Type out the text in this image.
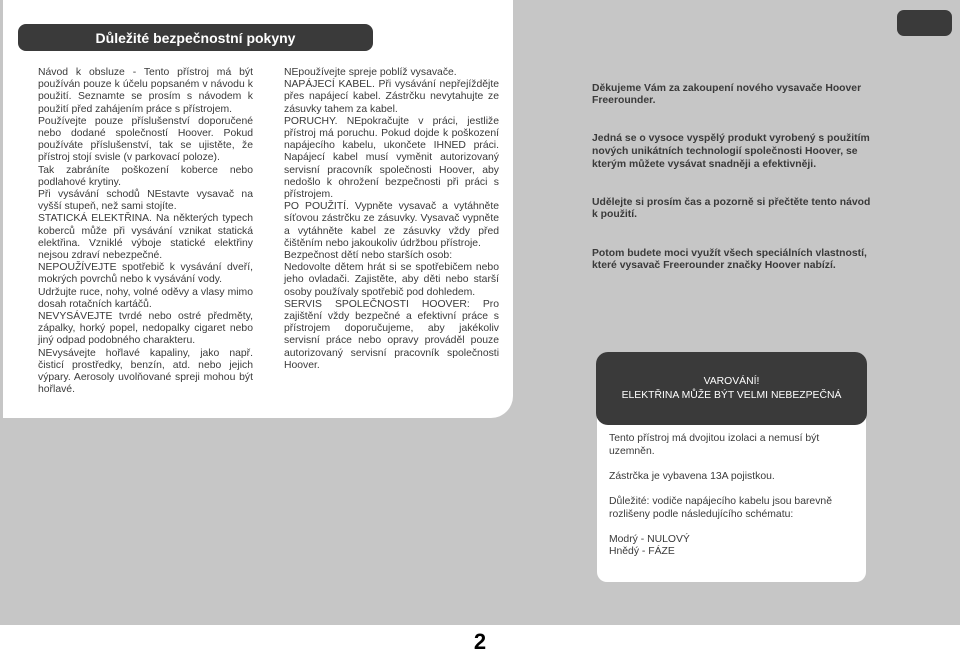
Důležité bezpečnostní pokyny

Návod k obsluze - Tento přístroj má být používán pouze k účelu popsaném v návodu k použití. Seznamte se prosím s návodem k použití před zahájením práce s přístrojem.
Používejte pouze příslušenství doporučené nebo dodané společností Hoover. Pokud používáte příslušenství, tak se ujistěte, že přístroj stojí svisle (v parkovací poloze).
Tak zabráníte poškození koberce nebo podlahové krytiny.
Při vysávání schodů NEstavte vysavač na vyšší stupeň, než sami stojíte.
STATICKÁ ELEKTŘINA. Na některých typech koberců může při vysávání vznikat statická elektřina. Vzniklé výboje statické elektřiny nejsou zdraví nebezpečné.
NEPOUŽÍVEJTE spotřebič k vysávání dveří, mokrých povrchů nebo k vysávání vody.
Udržujte ruce, nohy, volné oděvy a vlasy mimo dosah rotačních kartáčů.
NEVYSÁVEJTE tvrdé nebo ostré předměty, zápalky, horký popel, nedopalky cigaret nebo jiný odpad podobného charakteru.
NEvysávejte hořlavé kapaliny, jako např. čisticí prostředky, benzín, atd. nebo jejich výpary. Aerosoly uvolňované spreji mohou být hořlavé.

NEpoužívejte spreje poblíž vysavače.
NAPÁJECÍ KABEL. Při vysávání nepřejíždějte přes napájecí kabel. Zástrčku nevytahujte ze zásuvky tahem za kabel.
PORUCHY. NEpokračujte v práci, jestliže přístroj má poruchu. Pokud dojde k poškození napájecího kabelu, ukončete IHNED práci. Napájecí kabel musí vyměnit autorizovaný servisní pracovník společnosti Hoover, aby nedošlo k ohrožení bezpečnosti při práci s přístrojem.
PO POUŽITÍ. Vypněte vysavač a vytáhněte síťovou zástrčku ze zásuvky. Vysavač vypněte a vytáhněte kabel ze zásuvky vždy před čištěním nebo jakoukoliv údržbou přístroje.
Bezpečnost dětí nebo starších osob:
Nedovolte dětem hrát si se spotřebičem nebo jeho ovladači. Zajistěte, aby děti nebo starší osoby používaly spotřebič pod dohledem.
SERVIS SPOLEČNOSTI HOOVER: Pro zajištění vždy bezpečné a efektivní práce s přístrojem doporučujeme, aby jakékoliv servisní práce nebo opravy prováděl pouze autorizovaný servisní pracovník společnosti Hoover.

Děkujeme Vám za zakoupení nového vysavače Hoover Freerounder.

Jedná se o vysoce vyspělý produkt vyrobený s použitím nových unikátních technologií společnosti Hoover, se kterým můžete vysávat snadněji a efektivněji.

Udělejte si prosím čas a pozorně si přečtěte tento návod k použití.

Potom budete moci využít všech speciálních vlastností, které vysavač Freerounder značky Hoover nabízí.

VAROVÁNÍ!
ELEKTŘINA MŮŽE BÝT VELMI NEBEZPEČNÁ

Tento přístroj má dvojitou izolaci a nemusí být uzemněn.

Zástrčka je vybavena 13A pojistkou.

Důležité: vodiče napájecího kabelu jsou barevně rozlišeny podle následujícího schématu:

Modrý - NULOVÝ
Hnědý - FÁZE
2
